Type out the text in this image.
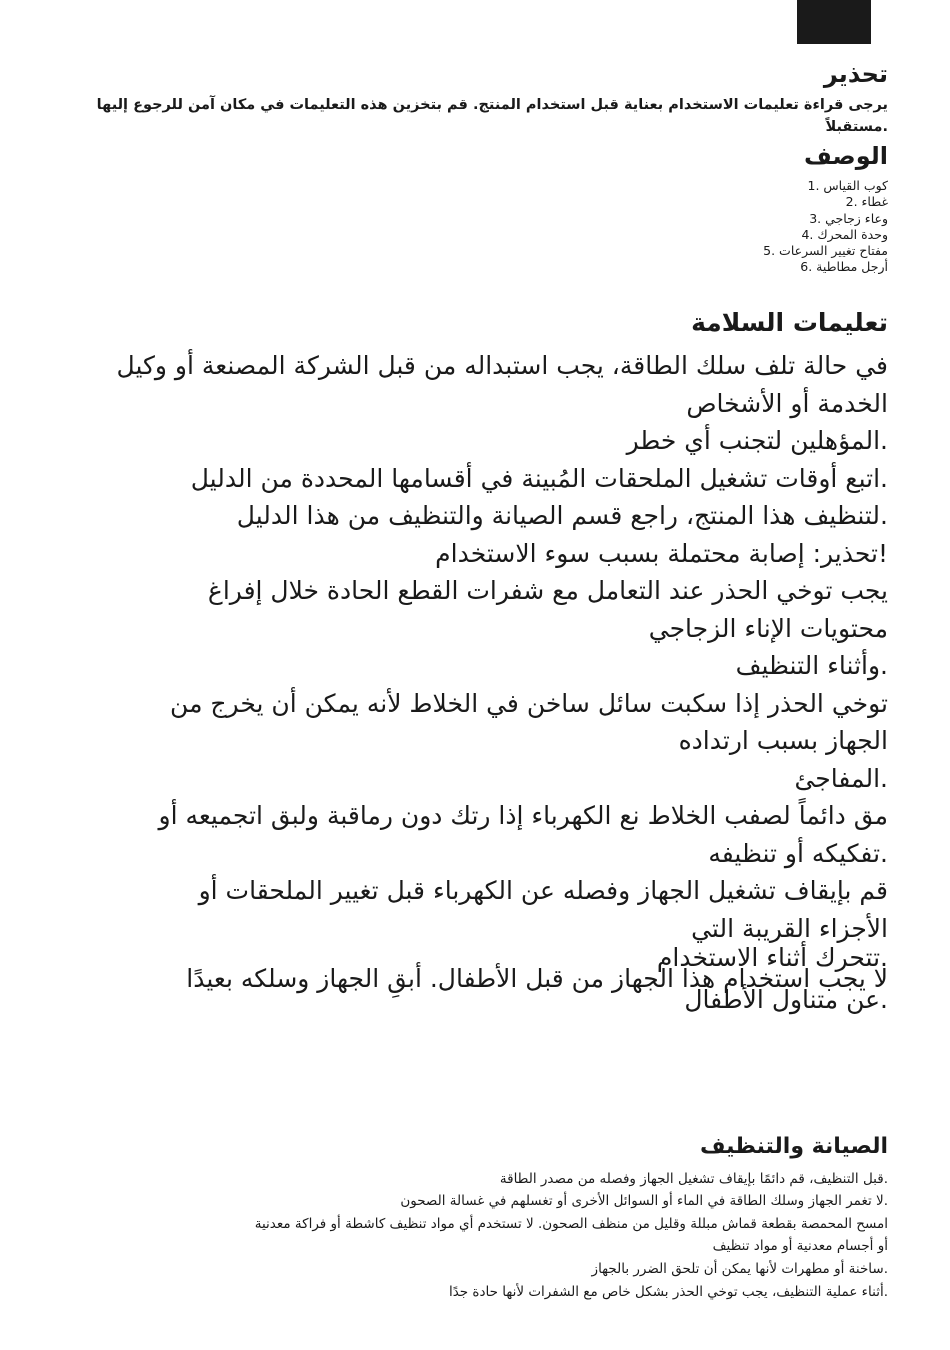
تحذير
يرجى قراءة تعليمات الاستخدام بعناية قبل استخدام المنتج. قم بتخزين هذه التعليمات في مكان آمن للرجوع إليها
.مستقبلاً
الوصف
كوب القياس .1
غطاء .2
وعاء زجاجي .3
وحدة المحرك .4
مفتاح تغيير السرعات .5
أرجل مطاطية .6
تعليمات السلامة
في حالة تلف سلك الطاقة، يجب استبداله من قبل الشركة المصنعة أو وكيل
الخدمة أو الأشخاص
.المؤهلين لتجنب أي خطر
.اتبع أوقات تشغيل الملحقات المُبينة في أقسامها المحددة من الدليل
.لتنظيف هذا المنتج، راجع قسم الصيانة والتنظيف من هذا الدليل
!تحذير: إصابة محتملة بسبب سوء الاستخدام
يجب توخي الحذر عند التعامل مع شفرات القطع الحادة خلال إفراغ
محتويات الإناء الزجاجي
.وأثناء التنظيف
توخي الحذر إذا سكبت سائل ساخن في الخلاط لأنه يمكن أن يخرج من
الجهاز بسبب ارتداده
.المفاجئ
مق دائماً لصفب الخلاط نع الكهرباء إذا رتك دون رماقبة ولبق اتجميعه أو
.تفكيكه أو تنظيفه
قم بإيقاف تشغيل الجهاز وفصله عن الكهرباء قبل تغيير الملحقات أو
الأجزاء القريبة التي
.تتحرك أثناء الاستخدام
لا يجب استخدام هذا الجهاز من قبل الأطفال. أبقِ الجهاز وسلكه بعيدًا
.عن متناول الأطفال
الصيانة والتنظيف
.قبل التنظيف، قم دائمًا بإيقاف تشغيل الجهاز وفصله من مصدر الطاقة
.لا تغمر الجهاز وسلك الطاقة في الماء أو السوائل الأخرى أو تغسلهم في غسالة الصحون
امسح المحمصة بقطعة قماش مبللة وقليل من منظف الصحون. لا تستخدم أي مواد تنظيف كاشطة أو فراكة معدنية
أو أجسام معدنية أو مواد تنظيف
.ساخنة أو مطهرات لأنها يمكن أن تلحق الضرر بالجهاز
.أثناء عملية التنظيف، يجب توخي الحذر بشكل خاص مع الشفرات لأنها حادة جدًا
